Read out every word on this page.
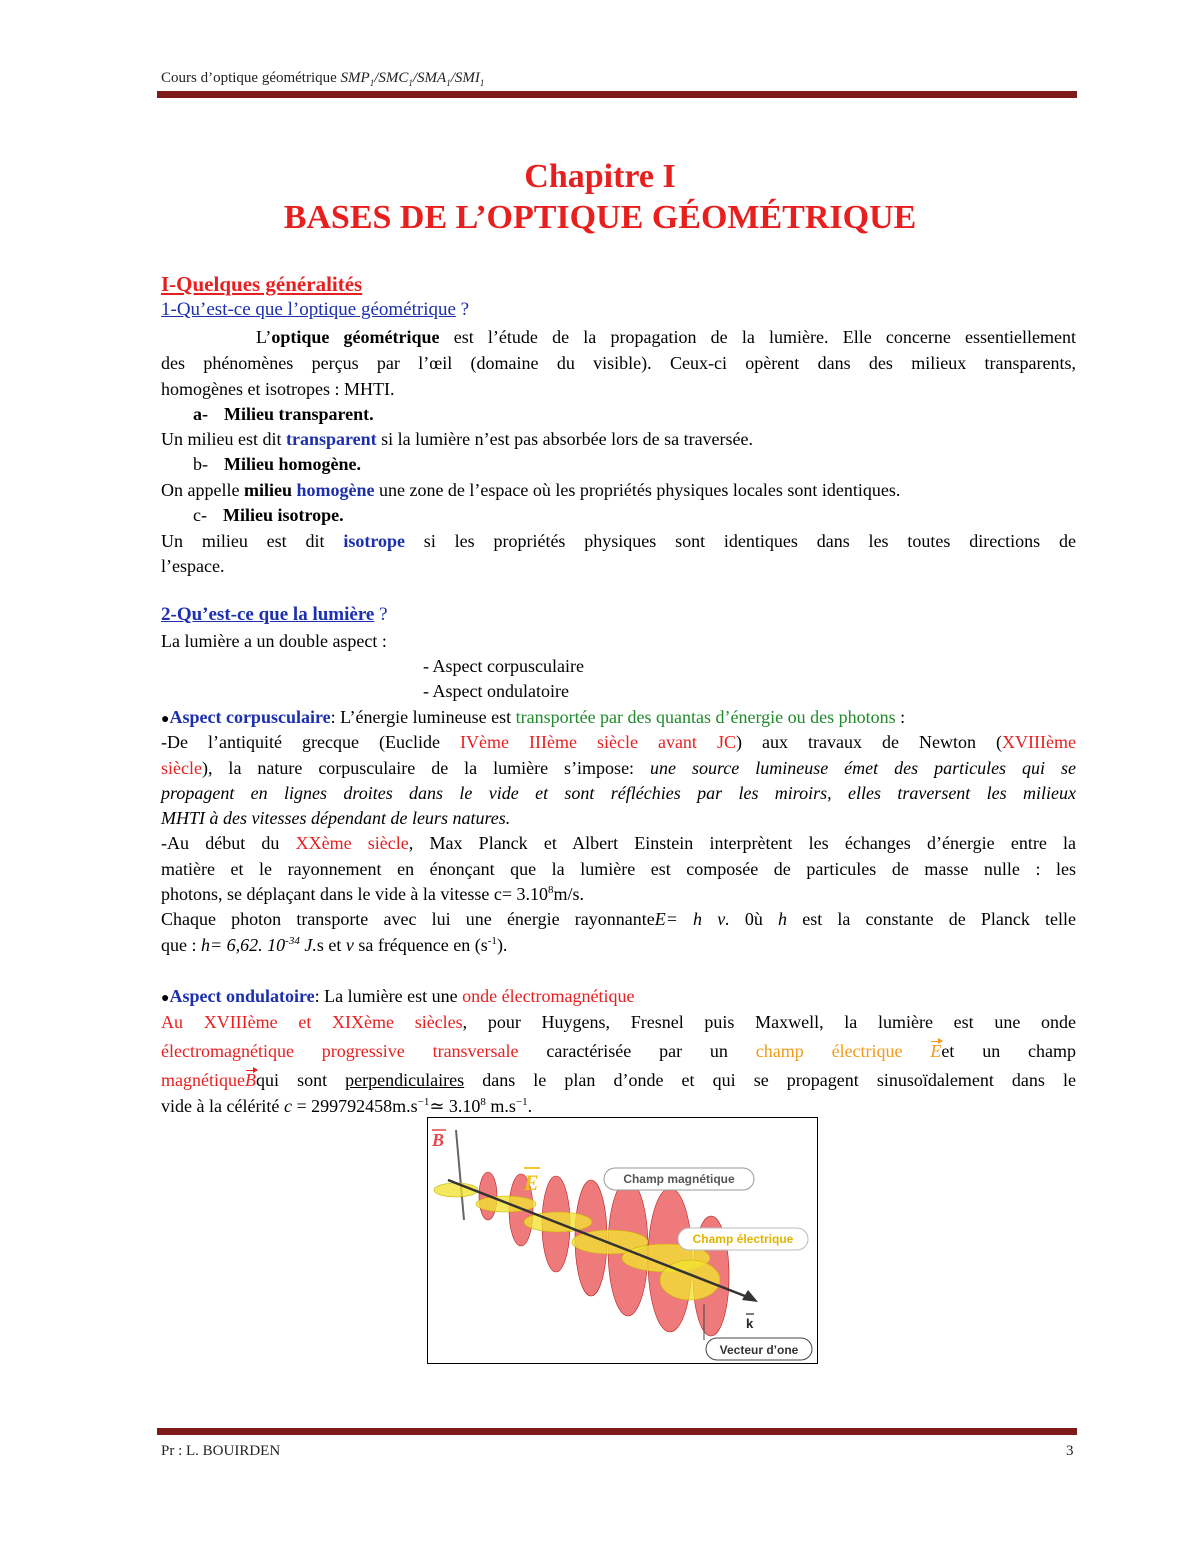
Cours d’optique géométrique $SMP_1/SMC_1/SMA_1/SMI_1$
Chapitre I
BASES DE L’OPTIQUE GÉOMÉTRIQUE
I-Quelques généralités
1-Qu’est-ce que l’optique géométrique ?
L’optique géométrique est l’étude de la propagation de la lumière. Elle concerne essentiellement
des phénomènes perçus par l’œil (domaine du visible). Ceux-ci opèrent dans des milieux transparents,
homogènes et isotropes : MHTI.
a- Milieu transparent.
Un milieu est dit transparent si la lumière n’est pas absorbée lors de sa traversée.
b- Milieu homogène.
On appelle milieu homogène une zone de l’espace où les propriétés physiques locales sont identiques.
c- Milieu isotrope.
Un milieu est dit isotrope si les propriétés physiques sont identiques dans les toutes directions de
l’espace.
2-Qu’est-ce que la lumière ?
La lumière a un double aspect :
- Aspect corpusculaire
- Aspect ondulatoire
●Aspect corpusculaire: L’énergie lumineuse est transportée par des quantas d’énergie ou des photons :
-De l’antiquité grecque (Euclide IVème IIIème siècle avant JC) aux travaux de Newton (XVIIIème
siècle), la nature corpusculaire de la lumière s’impose: une source lumineuse émet des particules qui se
propagent en lignes droites dans le vide et sont réfléchies par les miroirs, elles traversent les milieux
MHTI à des vitesses dépendant de leurs natures.
-Au début du XXème siècle, Max Planck et Albert Einstein interprètent les échanges d’énergie entre la
matière et le rayonnement en énonçant que la lumière est composée de particules de masse nulle : les
photons, se déplaçant dans le vide à la vitesse $c= 3.10^8m/s$.
Chaque photon transporte avec lui une énergie rayonnanteE= h ν. 0ù h est la constante de Planck telle
que : h= 6,62. $10^{-34}$ J.s et ν sa fréquence en $(s^{-1})$.
●Aspect ondulatoire: La lumière est une onde électromagnétique
Au XVIIIème et XIXème siècles, pour Huygens, Fresnel puis Maxwell, la lumière est une onde
électromagnétique progressive transversale caractérisée par un champ électrique Eet un champ
magnétiqueBqui sont perpendiculaires dans le plan d’onde et qui se propagent sinusoïdalement dans le
vide à la célérité $c = 299792458m.s^{-1}≃$ 3.10$^8$ $m.s^{-1}$.
B
E	Champ magnétique
Champ électrique
k
Vecteur d’one
Pr : L. BOUIRDEN	3
